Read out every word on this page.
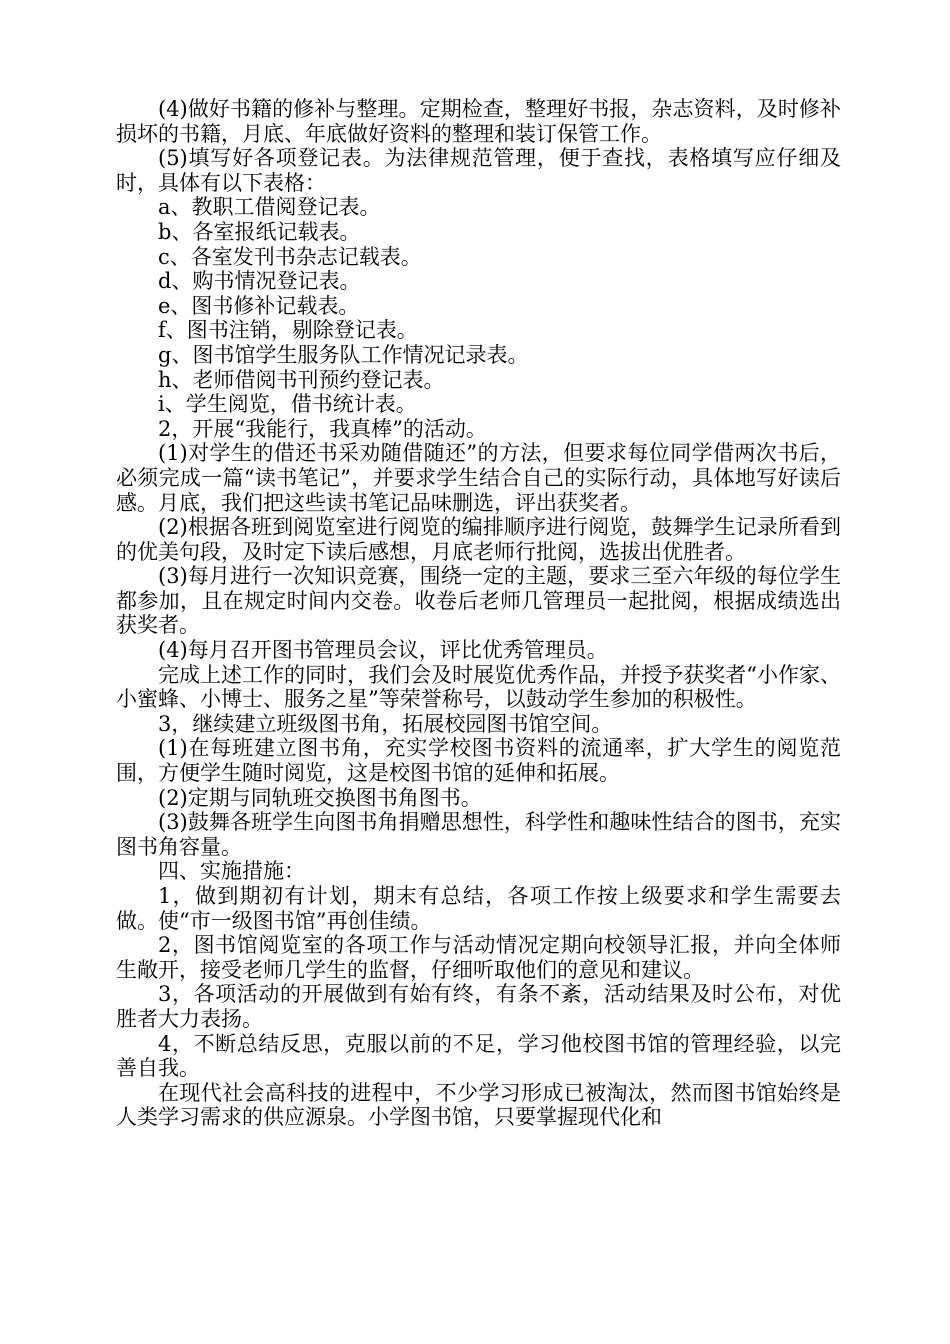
(4)做好书籍的修补与整理。定期检查，整理好书报，杂志资料，及时修补损坏的书籍，月底、年底做好资料的整理和装订保管工作。

(5)填写好各项登记表。为法律规范管理，便于查找，表格填写应仔细及时，具体有以下表格：

a、教职工借阅登记表。

b、各室报纸记载表。

c、各室发刊书杂志记载表。

d、购书情况登记表。

e、图书修补记载表。

f、图书注销，剔除登记表。

g、图书馆学生服务队工作情况记录表。

h、老师借阅书刊预约登记表。

i、学生阅览，借书统计表。

2，开展“我能行，我真棒”的活动。

(1)对学生的借还书采劝随借随还”的方法，但要求每位同学借两次书后，必须完成一篇“读书笔记”，并要求学生结合自己的实际行动，具体地写好读后感。月底，我们把这些读书笔记品味删选，评出获奖者。

(2)根据各班到阅览室进行阅览的编排顺序进行阅览，鼓舞学生记录所看到的优美句段，及时定下读后感想，月底老师行批阅，选拔出优胜者。

(3)每月进行一次知识竞赛，围绕一定的主题，要求三至六年级的每位学生都参加，且在规定时间内交卷。收卷后老师几管理员一起批阅，根据成绩选出获奖者。

(4)每月召开图书管理员会议，评比优秀管理员。

完成上述工作的同时，我们会及时展览优秀作品，并授予获奖者“小作家、小蜜蜂、小博士、服务之星”等荣誉称号，以鼓动学生参加的积极性。

3，继续建立班级图书角，拓展校园图书馆空间。

(1)在每班建立图书角，充实学校图书资料的流通率，扩大学生的阅览范围，方便学生随时阅览，这是校图书馆的延伸和拓展。

(2)定期与同轨班交换图书角图书。

(3)鼓舞各班学生向图书角捐赠思想性，科学性和趣味性结合的图书，充实图书角容量。

四、实施措施：

1，做到期初有计划，期末有总结，各项工作按上级要求和学生需要去做。使“市一级图书馆”再创佳绩。

2，图书馆阅览室的各项工作与活动情况定期向校领导汇报，并向全体师生敞开，接受老师几学生的监督，仔细听取他们的意见和建议。

3，各项活动的开展做到有始有终，有条不紊，活动结果及时公布，对优胜者大力表扬。

4，不断总结反思，克服以前的不足，学习他校图书馆的管理经验，以完善自我。

在现代社会高科技的进程中，不少学习形成已被淘汰，然而图书馆始终是人类学习需求的供应源泉。小学图书馆，只要掌握现代化和
